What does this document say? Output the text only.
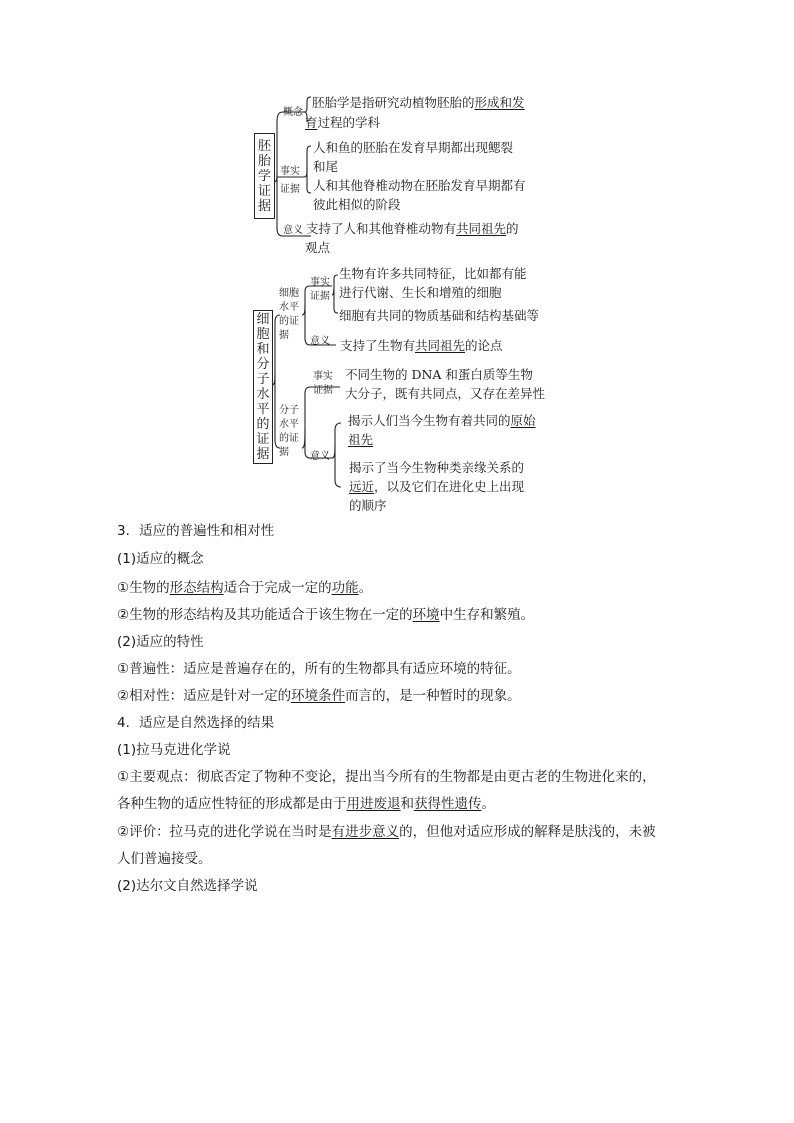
胚
胎
学
证
据
概念
胚胎学是指研究动植物胚胎的形成和发
育过程的学科
事实
证据
人和鱼的胚胎在发育早期都出现鳃裂
和尾
人和其他脊椎动物在胚胎发育早期都有
彼此相似的阶段
意义 支持了人和其他脊椎动物有共同祖先的
观点
细
胞
和
分
子
水
平
的
证
据
细胞
水平
的证
据
事实
证据
生物有许多共同特征，比如都有能
进行代谢、生长和增殖的细胞
细胞有共同的物质基础和结构基础等
意义 支持了生物有共同祖先的论点
分子
水平
的证
据
事实
证据
不同生物的 DNA 和蛋白质等生物
大分子，既有共同点，又存在差异性
意义
揭示人们当今生物有着共同的原始
祖先
揭示了当今生物种类亲缘关系的
远近，以及它们在进化史上出现
的顺序
3．适应的普遍性和相对性
(1)适应的概念
①生物的形态结构适合于完成一定的功能。
②生物的形态结构及其功能适合于该生物在一定的环境中生存和繁殖。
(2)适应的特性
①普遍性：适应是普遍存在的，所有的生物都具有适应环境的特征。
②相对性：适应是针对一定的环境条件而言的，是一种暂时的现象。
4．适应是自然选择的结果
(1)拉马克进化学说
①主要观点：彻底否定了物种不变论，提出当今所有的生物都是由更古老的生物进化来的，
各种生物的适应性特征的形成都是由于用进废退和获得性遗传。
②评价：拉马克的进化学说在当时是有进步意义的，但他对适应形成的解释是肤浅的，未被
人们普遍接受。
(2)达尔文自然选择学说
